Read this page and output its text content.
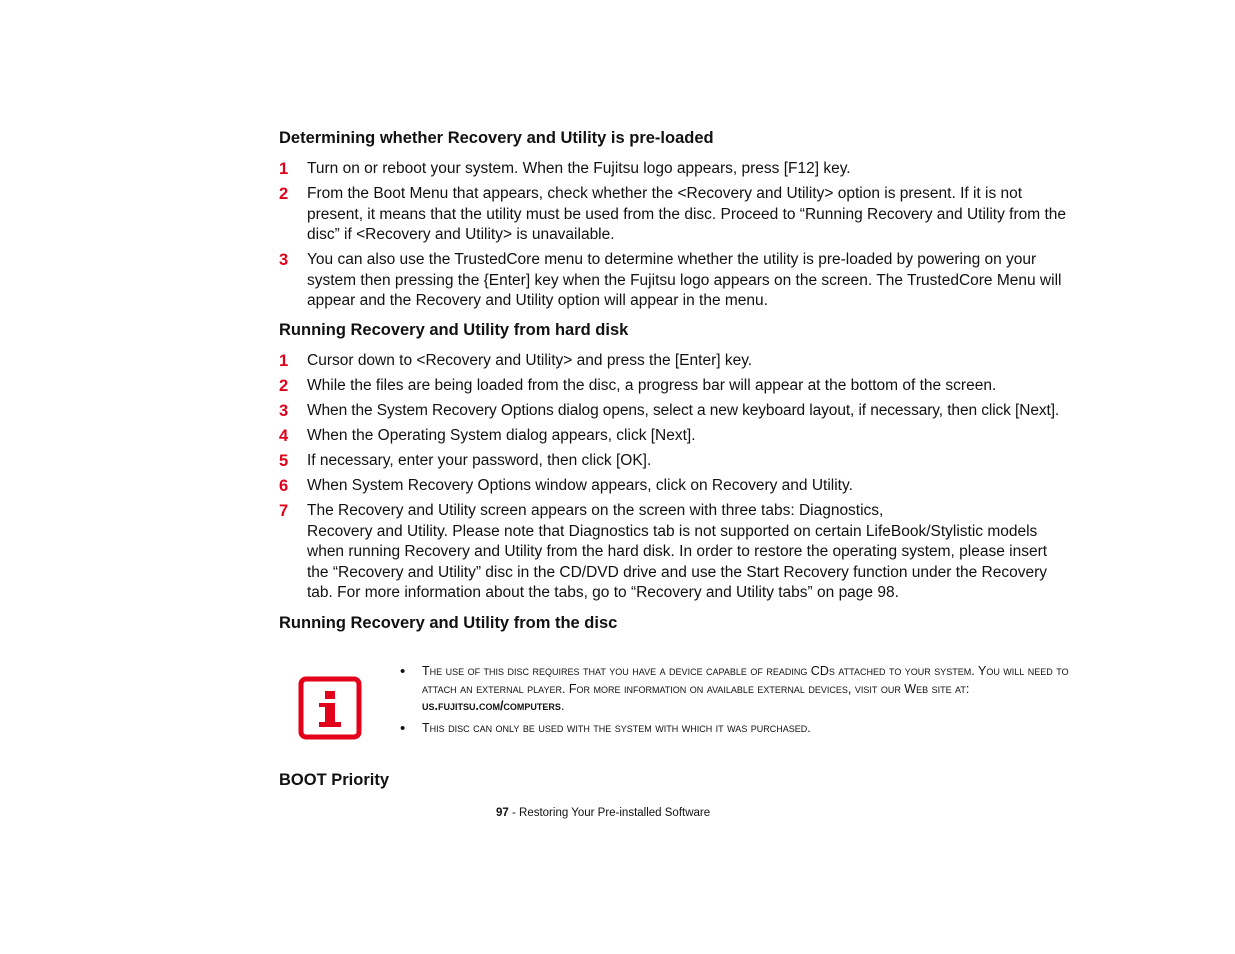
Determining whether Recovery and Utility is pre-loaded
1 Turn on or reboot your system. When the Fujitsu logo appears, press [F12] key.
2 From the Boot Menu that appears, check whether the <Recovery and Utility> option is present. If it is not present, it means that the utility must be used from the disc. Proceed to “Running Recovery and Utility from the disc” if <Recovery and Utility> is unavailable.
3 You can also use the TrustedCore menu to determine whether the utility is pre-loaded by powering on your system then pressing the {Enter] key when the Fujitsu logo appears on the screen. The TrustedCore Menu will appear and the Recovery and Utility option will appear in the menu.
Running Recovery and Utility from hard disk
1 Cursor down to <Recovery and Utility> and press the [Enter] key.
2 While the files are being loaded from the disc, a progress bar will appear at the bottom of the screen.
3 When the System Recovery Options dialog opens, select a new keyboard layout, if necessary, then click [Next].
4 When the Operating System dialog appears, click [Next].
5 If necessary, enter your password, then click [OK].
6 When System Recovery Options window appears, click on Recovery and Utility.
7 The Recovery and Utility screen appears on the screen with three tabs: Diagnostics,
Recovery and Utility. Please note that Diagnostics tab is not supported on certain LifeBook/Stylistic models when running Recovery and Utility from the hard disk. In order to restore the operating system, please insert the “Recovery and Utility” disc in the CD/DVD drive and use the Start Recovery function under the Recovery tab. For more information about the tabs, go to “Recovery and Utility tabs” on page 98.
Running Recovery and Utility from the disc
• The use of this disc requires that you have a device capable of reading CDs attached to your system. You will need to attach an external player. For more information on available external devices, visit our Web site at: us.fujitsu.com/computers.
• This disc can only be used with the system with which it was purchased.
BOOT Priority
97 - Restoring Your Pre-installed Software
